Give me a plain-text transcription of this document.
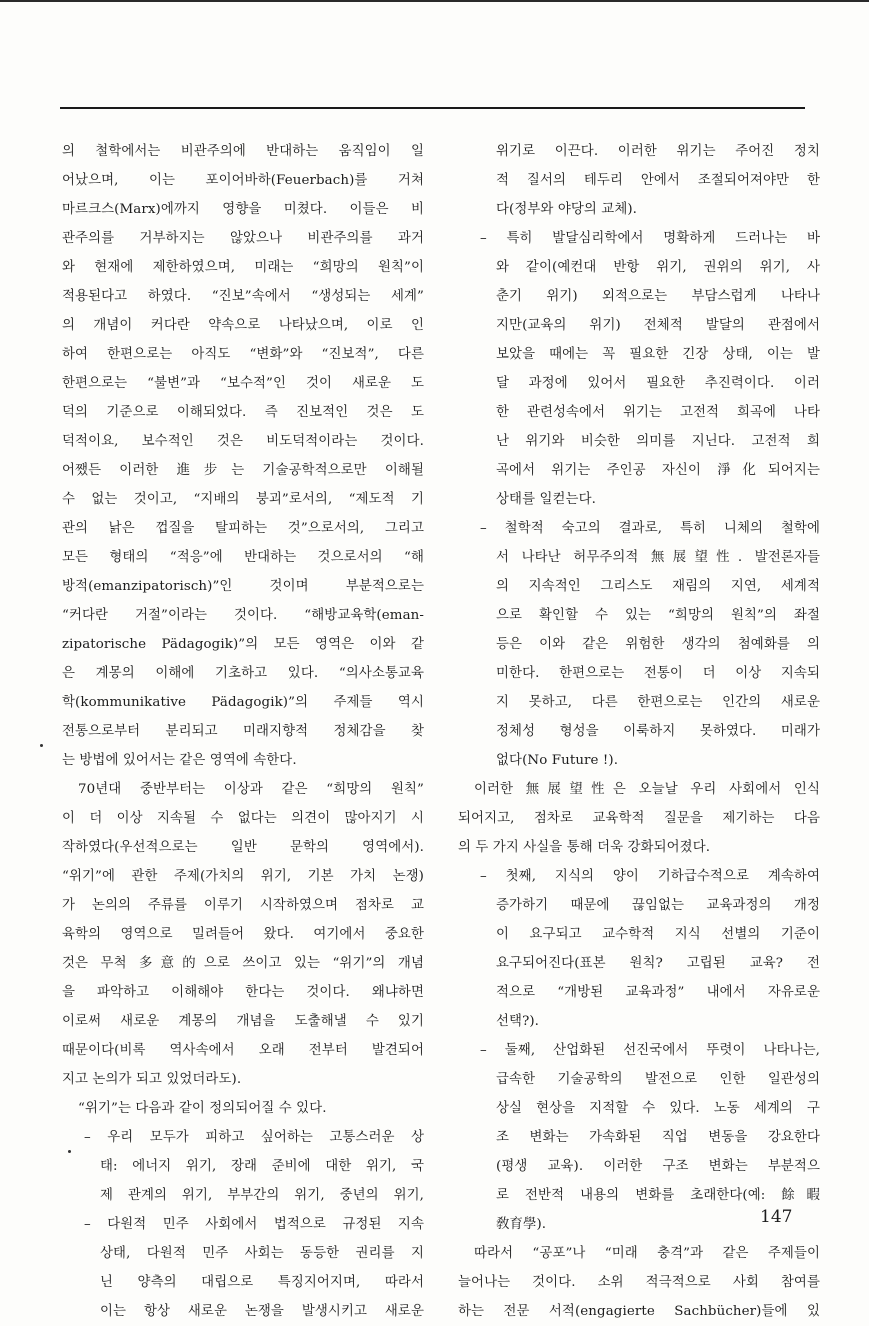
의 철학에서는 비관주의에 반대하는 움직임이 일
어났으며, 이는 포이어바하(Feuerbach)를 거쳐
마르크스(Marx)에까지 영향을 미쳤다. 이들은 비
관주의를 거부하지는 않았으나 비관주의를 과거
와 현재에 제한하였으며, 미래는 “희망의 원칙”이
적용된다고 하였다. “진보”속에서 “생성되는 세계”
의 개념이 커다란 약속으로 나타났으며, 이로 인
하여 한편으로는 아직도 “변화”와 “진보적”, 다른
한편으로는 “불변”과 “보수적”인 것이 새로운 도
덕의 기준으로 이해되었다. 즉 진보적인 것은 도
덕적이요, 보수적인 것은 비도덕적이라는 것이다.
어쨌든 이러한 進步는 기술공학적으로만 이해될
수 없는 것이고, “지배의 붕괴”로서의, “제도적 기
관의 낡은 껍질을 탈피하는 것”으로서의, 그리고
모든 형태의 “적응”에 반대하는 것으로서의 “해
방적(emanzipatorisch)”인 것이며 부분적으로는
“커다란 거절”이라는 것이다. “해방교육학(eman-
zipatorische Pädagogik)”의 모든 영역은 이와 같
은 계몽의 이해에 기초하고 있다. “의사소통교육
학(kommunikative Pädagogik)”의 주제들 역시
전통으로부터 분리되고 미래지향적 정체감을 찾
는 방법에 있어서는 같은 영역에 속한다.
70년대 중반부터는 이상과 같은 “희망의 원칙”
이 더 이상 지속될 수 없다는 의견이 많아지기 시
작하였다(우선적으로는 일반 문학의 영역에서).
“위기”에 관한 주제(가치의 위기, 기본 가치 논쟁)
가 논의의 주류를 이루기 시작하였으며 점차로 교
육학의 영역으로 밀려들어 왔다. 여기에서 중요한
것은 무척 多意的으로 쓰이고 있는 “위기”의 개념
을 파악하고 이해해야 한다는 것이다. 왜냐하면
이로써 새로운 계몽의 개념을 도출해낼 수 있기
때문이다(비록 역사속에서 오래 전부터 발견되어
지고 논의가 되고 있었더라도).
“위기”는 다음과 같이 정의되어질 수 있다.
– 우리 모두가 피하고 싶어하는 고통스러운 상
태: 에너지 위기, 장래 준비에 대한 위기, 국
제 관계의 위기, 부부간의 위기, 중년의 위기,
– 다원적 민주 사회에서 법적으로 규정된 지속
상태, 다원적 민주 사회는 동등한 권리를 지
닌 양측의 대립으로 특징지어지며, 따라서
이는 항상 새로운 논쟁을 발생시키고 새로운
위기로 이끈다. 이러한 위기는 주어진 정치
적 질서의 테두리 안에서 조절되어져야만 한
다(정부와 야당의 교체).
– 특히 발달심리학에서 명확하게 드러나는 바
와 같이(예컨대 반항 위기, 권위의 위기, 사
춘기 위기) 외적으로는 부담스럽게 나타나
지만(교육의 위기) 전체적 발달의 관점에서
보았을 때에는 꼭 필요한 긴장 상태, 이는 발
달 과정에 있어서 필요한 추진력이다. 이러
한 관련성속에서 위기는 고전적 희곡에 나타
난 위기와 비슷한 의미를 지닌다. 고전적 희
곡에서 위기는 주인공 자신이 淨化되어지는
상태를 일컫는다.
– 철학적 숙고의 결과로, 특히 니체의 철학에
서 나타난 허무주의적 無展望性. 발전론자들
의 지속적인 그리스도 재림의 지연, 세계적
으로 확인할 수 있는 “희망의 원칙”의 좌절
등은 이와 같은 위험한 생각의 첨예화를 의
미한다. 한편으로는 전통이 더 이상 지속되
지 못하고, 다른 한편으로는 인간의 새로운
정체성 형성을 이룩하지 못하였다. 미래가
없다(No Future !).
이러한 無展望性은 오늘날 우리 사회에서 인식
되어지고, 점차로 교육학적 질문을 제기하는 다음
의 두 가지 사실을 통해 더욱 강화되어졌다.
– 첫째, 지식의 양이 기하급수적으로 계속하여
증가하기 때문에 끊임없는 교육과정의 개정
이 요구되고 교수학적 지식 선별의 기준이
요구되어진다(표본 원칙? 고립된 교육? 전
적으로 “개방된 교육과정” 내에서 자유로운
선택?).
– 둘째, 산업화된 선진국에서 뚜렷이 나타나는,
급속한 기술공학의 발전으로 인한 일관성의
상실 현상을 지적할 수 있다. 노동 세계의 구
조 변화는 가속화된 직업 변동을 강요한다
(평생 교육). 이러한 구조 변화는 부분적으
로 전반적 내용의 변화를 초래한다(예: 餘暇
敎育學).
따라서 “공포”나 “미래 충격”과 같은 주제들이
늘어나는 것이다. 소위 적극적으로 사회 참여를
하는 전문 서적(engagierte Sachbücher)들에 있
147
